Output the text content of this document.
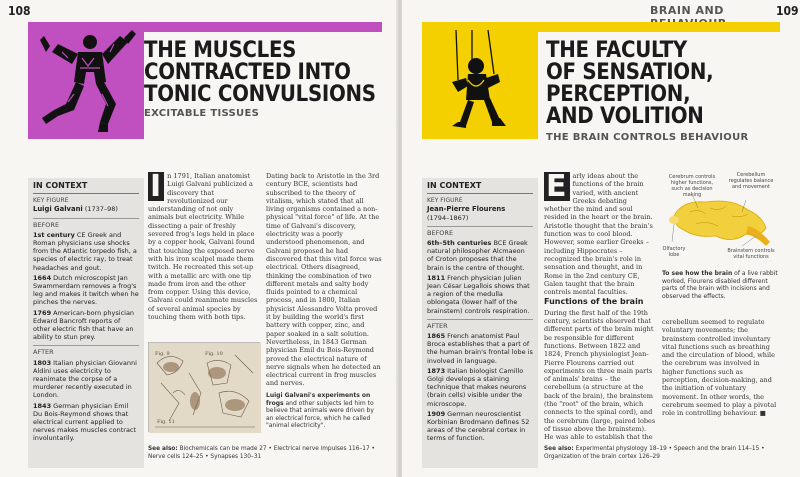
108
THE MUSCLES
CONTRACTED INTO
TONIC CONVULSIONS
EXCITABLE TISSUES
IN CONTEXT
KEY FIGURE
Luigi Galvani (1737–98)
BEFORE

1st century CE Greek and Roman physicians use shocks from the Atlantic torpedo fish, a species of electric ray, to treat headaches and gout.

1664 Dutch microscopist Jan Swammerdam removes a frog's leg and makes it twitch when he pinches the nerves.

1769 American-born physician Edward Bancroft reports of other electric fish that have an ability to stun prey.

AFTER

1803 Italian physician Giovanni Aldini uses electricity to reanimate the corpse of a murderer recently executed in London.

1843 German physician Emil Du Bois-Reymond shows that electrical current applied to nerves makes muscles contract involuntarily.

I n 1791, Italian anatomist Luigi Galvani publicized a discovery that revolutionized our understanding of not only animals but electricity. While dissecting a pair of freshly severed frog's legs held in place by a copper hook, Galvani found that touching the exposed nerve with his iron scalpel made them twitch. He recreated this set-up with a metallic arc with one tip made from iron and the other from copper. Using this device, Galvani could reanimate muscles of several animal species by touching them with both tips.
Dating back to Aristotle in the 3rd century BCE, scientists had subscribed to the theory of vitalism, which stated that all living organisms contained a non-physical "vital force" of life. At the time of Galvani's discovery, electricity was a poorly understood phenomenon, and Galvani proposed he had discovered that this vital force was electrical. Others disagreed, thinking the combination of two different metals and salty body fluids pointed to a chemical process, and in 1800, Italian physicist Alessandro Volta proved it by building the world's first battery with copper, zinc, and paper soaked in a salt solution. Nevertheless, in 1843 German physician Emil du Bois-Reymond proved the electrical nature of nerve signals when he detected an electrical current in frog muscles and nerves.
Fig. 9	Fig. 10
Fig. 11
Luigi Galvani's experiments on frogs and other subjects led him to believe that animals were driven by an electrical force, which he called "animal electricity".
See also: Biochemicals can be made 27 • Electrical nerve impulses 116–17 • Nerve cells 124–25 • Synapses 130–31
BRAIN AND	109
THE FACULTY
OF SENSATION,
PERCEPTION,
AND VOLITION
THE BRAIN CONTROLS BEHAVIOUR
IN CONTEXT
KEY FIGURE
Jean-Pierre Flourens
(1794–1867)
BEFORE

6th–5th centuries BCE Greek natural philosopher Alcmaeon of Croton proposes that the brain is the centre of thought.

1811 French physician Julien Jean César Legallois shows that a region of the medulla oblongata (lower half of the brainstem) controls respiration.

AFTER

1865 French anatomist Paul Broca establishes that a part of the human brain's frontal lobe is involved in language.

1873 Italian biologist Camillo Golgi develops a staining technique that makes neurons (brain cells) visible under the microscope.

1909 German neuroscientist Korbinian Brodmann defines 52 areas of the cerebral cortex in terms of function.

E arly ideas about the functions of the brain varied, with ancient Greeks debating whether the mind and soul resided in the heart or the brain. Aristotle thought that the brain's function was to cool blood. However, some earlier Greeks – including Hippocrates – recognized the brain's role in sensation and thought, and in Rome in the 2nd century CE, Galen taught that the brain controls mental faculties.
Functions of the brain
During the first half of the 19th century, scientists observed that different parts of the brain might be responsible for different functions. Between 1822 and 1824, French physiologist Jean-Pierre Flourens carried out experiments on three main parts of animals' brains – the cerebellum (a structure at the back of the brain), the brainstem (the "root" of the brain, which connects to the spinal cord), and the cerebrum (large, paired lobes of tissue above the brainstem). He was able to establish that the
Cerebrum controls higher functions, such as decision making
Cerebellum regulates balance and movement
Olfactory lobe
Brainstem controls vital functions
To see how the brain of a live rabbit worked, Flourens disabled different parts of the brain with incisions and observed the effects.
cerebellum seemed to regulate voluntary movements; the brainstem controlled involuntary vital functions such as breathing and the circulation of blood, while the cerebrum was involved in higher functions such as perception, decision-making, and the initiation of voluntary movement. In other words, the cerebrum seemed to play a pivotal role in controlling behaviour. ■
See also: Experimental physiology 18–19 • Speech and the brain 114–15 • Organization of the brain cortex 126–29
